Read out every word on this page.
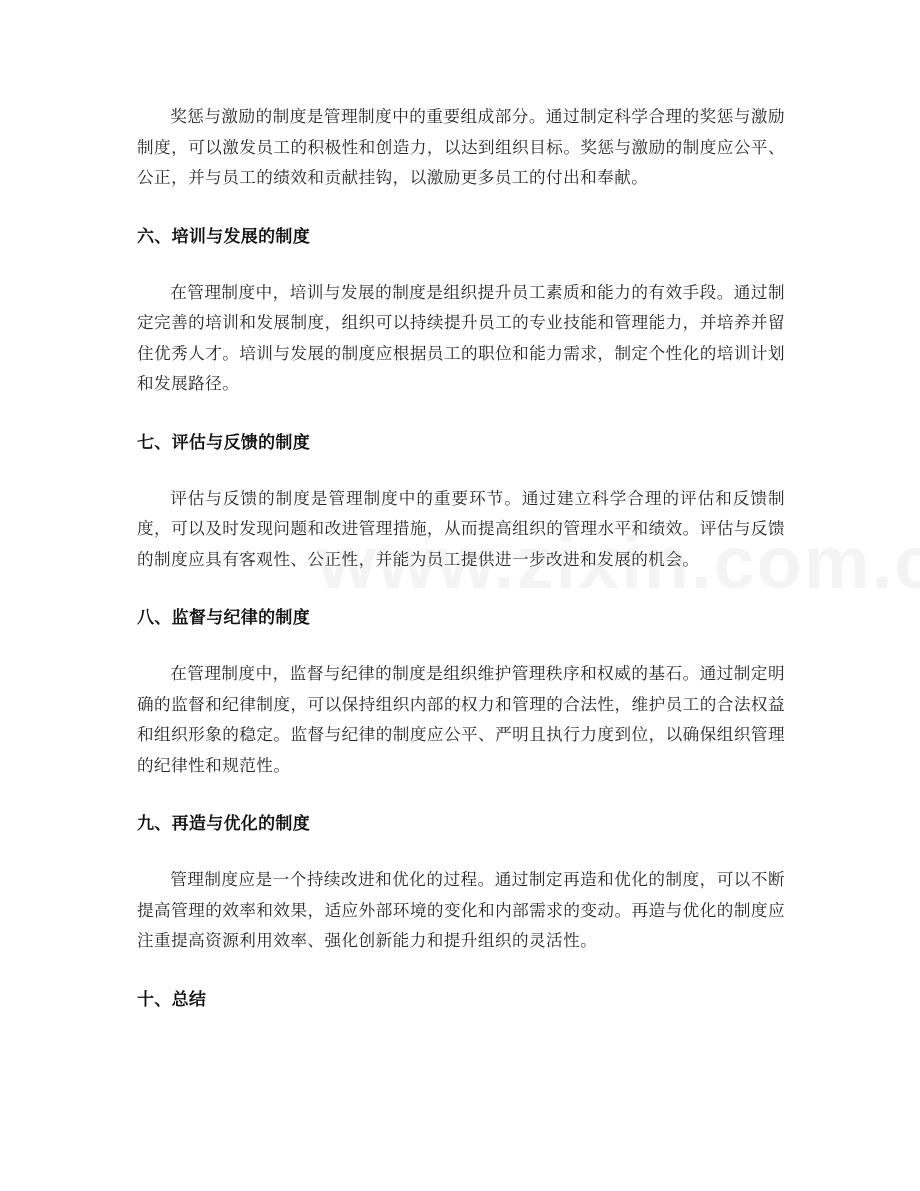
奖惩与激励的制度是管理制度中的重要组成部分。通过制定科学合理的奖惩与激励制度，可以激发员工的积极性和创造力，以达到组织目标。奖惩与激励的制度应公平、公正，并与员工的绩效和贡献挂钩，以激励更多员工的付出和奉献。

六、培训与发展的制度

在管理制度中，培训与发展的制度是组织提升员工素质和能力的有效手段。通过制定完善的培训和发展制度，组织可以持续提升员工的专业技能和管理能力，并培养并留住优秀人才。培训与发展的制度应根据员工的职位和能力需求，制定个性化的培训计划和发展路径。

七、评估与反馈的制度

评估与反馈的制度是管理制度中的重要环节。通过建立科学合理的评估和反馈制度，可以及时发现问题和改进管理措施，从而提高组织的管理水平和绩效。评估与反馈的制度应具有客观性、公正性，并能为员工提供进一步改进和发展的机会。

八、监督与纪律的制度

在管理制度中，监督与纪律的制度是组织维护管理秩序和权威的基石。通过制定明确的监督和纪律制度，可以保持组织内部的权力和管理的合法性，维护员工的合法权益和组织形象的稳定。监督与纪律的制度应公平、严明且执行力度到位，以确保组织管理的纪律性和规范性。

九、再造与优化的制度

管理制度应是一个持续改进和优化的过程。通过制定再造和优化的制度，可以不断提高管理的效率和效果，适应外部环境的变化和内部需求的变动。再造与优化的制度应注重提高资源利用效率、强化创新能力和提升组织的灵活性。

十、总结
